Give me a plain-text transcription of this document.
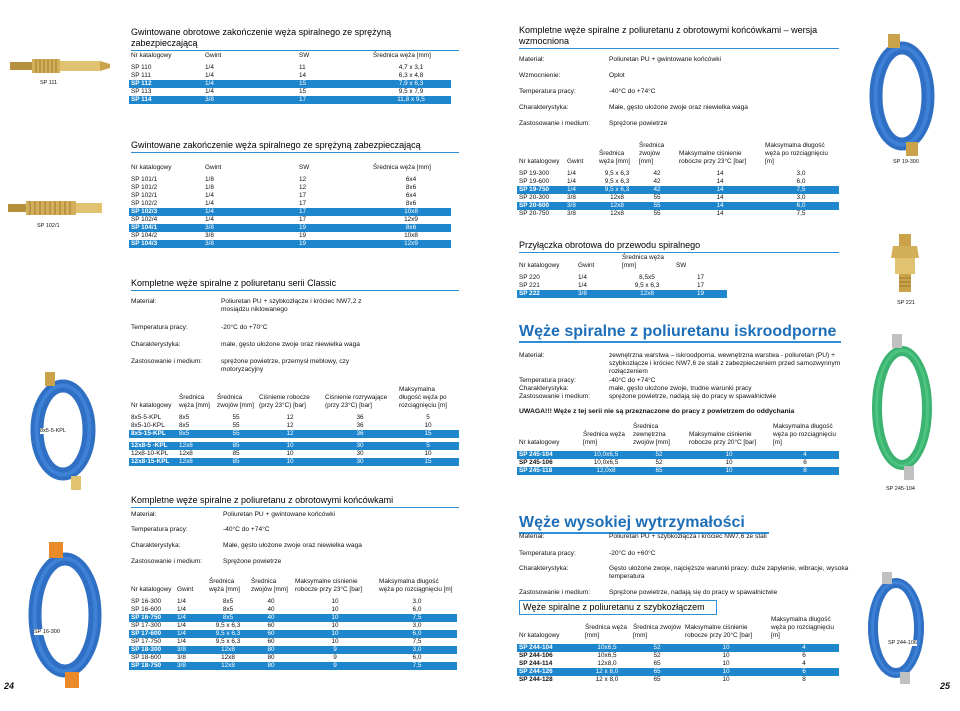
SP 111
Gwintowane obrotowe zakończenie węża spiralnego ze sprężyną zabezpieczającą
Nr katalogowy	Gwint	SW	Średnica węża [mm]

SP 110	1/4	11	4,7 x 3,1
SP 111	1/4	14	6,3 x 4,8
SP 112	1/4	15	7,9 x 6,3
SP 113	1/4	15	9,5 x 7,9
SP 114	3/8	17	11,8 x 9,5
SP 102/1
Gwintowane zakończenie węża spiralnego ze sprężyną zabezpieczającą
Nr katalogowy	Gwint	SW	Średnica węża [mm]

SP 101/1	1/8	12	6x4
SP 101/2	1/8	12	8x6
SP 102/1	1/4	17	6x4
SP 102/2	1/4	17	8x6
SP 102/3	1/4	17	10x8
SP 102/4	1/4	17	12x9
SP 104/1	3/8	19	8x6
SP 104/2	3/8	19	10x8
SP 104/3	3/8	19	12x9
Kompletne węże spiralne z poliuretanu serii Classic
Materiał:	Poliuretan PU + szybkozłącze i króciec NW7,2 z mosiądzu niklowanego
Temperatura pracy:	-20°C do +70°C
Charakterystyka:	małe, gęsto ułożone zwoje oraz niewielka waga
Zastosowanie i medium:	sprężone powietrze, przemysł meblowy, czy motoryzacyjny
Nr katalogowy	Średnica węża [mm]	Średnica zwojów [mm]	Ciśnienie robocze (przy 23°C) [bar]	Ciśnienie rozrywające (przy 23°C) [bar]	Maksymalna długość węża po rozciągnięciu [m]

8x5-5-KPL	8x5	55	12	36	5
8x5-10-KPL	8x5	55	12	36	10
8x5-15-KPL	8x5	55	12	36	15

12x8-5 -KPL	12x8	85	10	30	5
12x8-10-KPL	12x8	85	10	30	10
12x8-15-KPL	12x8	85	10	30	15
8x5-5-KPL
Kompletne węże spiralne z poliuretanu z obrotowymi końcówkami
Materiał:	Poliuretan PU + gwintowane końcówki
Temperatura pracy:	-40°C do +74°C
Charakterystyka:	Małe, gęsto ułożone zwoje oraz niewielka waga
Zastosowanie i medium:	Sprężone powietrze
Nr katalogowy	Gwint	Średnica węża [mm]	Średnica zwojów [mm]	Maksymalne ciśnienie robocze przy 23°C [bar]	Maksymalna długość węża po rozciągnięciu [m]

SP 16-300	1/4	8x5	40	10	3,0
SP 16-600	1/4	8x5	40	10	6,0
SP 16-750	1/4	8x5	40	10	7,5
SP 17-300	1/4	9,5 x 6,3	60	10	3,0
SP 17-600	1/4	9,5 x 6,3	60	10	6,0
SP 17-750	1/4	9,5 x 6,3	60	10	7,5
SP 18-300	3/8	12x8	80	9	3,0
SP 18-600	3/8	12x8	80	9	6,0
SP 18-750	3/8	12x8	80	9	7,5
SP 16-300
24
Kompletne węże spiralne z poliuretanu z obrotowymi końcówkami – wersja wzmocniona
Materiał:	Poliuretan PU + gwintowane końcówki
Wzmocnienie:	Oplot
Temperatura pracy:	-40°C do +74°C
Charakterystyka:	Małe, gęsto ułożone zwoje oraz niewielka waga
Zastosowanie i medium:	Sprężone powietrze
Nr katalogowy	Gwint	Średnica węża [mm]	Średnica zwojów [mm]	Maksymalne ciśnienie robocze przy 23°C [bar]	Maksymalna długość węża po rozciągnięciu [m]

SP 19-300	1/4	9,5 x 6,3	42	14	3,0
SP 19-600	1/4	9,5 x 6,3	42	14	6,0
SP 19-750	1/4	9,5 x 6,3	42	14	7,5
SP 20-300	3/8	12x8	55	14	3,0
SP 20-600	3/8	12x8	55	14	6,0
SP 20-750	3/8	12x8	55	14	7,5
SP 19-300
Przyłączka obrotowa do przewodu spiralnego
Nr katalogowy	Gwint	Średnica węża [mm]	SW

SP 220	1/4	8,5x5	17
SP 221	1/4	9,5 x 6,3	17
SP 222	3/8	12x8	19
SP 221
Węże spiralne z poliuretanu iskroodporne
Materiał:	zewnętrzna warstwa – iskroodporna, wewnętrzna warstwa - poliuretan (PU) + szybkozłącze i króciec NW7,6 ze stali z zabezpieczeniem przed samozwynnym rozłączeniem
Temperatura pracy:	-40°C do +74°C
Charakterystyka:	małe, gęsto ułożone zwoje, trudne warunki pracy
Zastosowanie i medium:	sprężone powietrze, nadają się do pracy w spawalnictwie
UWAGA!!! Węże z tej serii nie są przeznaczone do pracy z powietrzem do oddychania
Nr katalogowy	Średnica węża [mm]	Średnica zewnętrzna zwojów [mm]	Maksymalne ciśnienie robocze przy 20°C [bar]	Maksymalna długość węża po rozciągnięciu [m]

SP 245-104	10,0x6,5	52	10	4
SP 245-106	10,0x6,5	52	10	6
SP 245-118	12,0x8	65	10	8
SP 245-104
Węże wysokiej wytrzymałości
Materiał:	Poliuretan PU + szybkozłącza i króciec NW7,6 ze stali
Temperatura pracy:	-20°C do +60°C
Charakterystyka:	Gęsto ułożone zwoje, najcięższe warunki pracy: duże zapylenie, wibracje, wysoka temperatura
Zastosowanie i medium:	Sprężone powietrze, nadają się do pracy w spawalnictwie
Węże spiralne z poliuretanu z szybkozłączem
Nr katalogowy	Średnica węża [mm]	Średnica zwojów [mm]	Maksymalne ciśnienie robocze przy 20°C [bar]	Maksymalna długość węża po rozciągnięciu [m]

SP 244-104	10x6,5	52	10	4
SP 244-106	10x6,5	52	10	6
SP 244-114	12x8,0	65	10	4
SP 244-126	12 x 8,0	65	10	6
SP 244-128	12 x 8,0	65	10	8
SP 244-106
25
